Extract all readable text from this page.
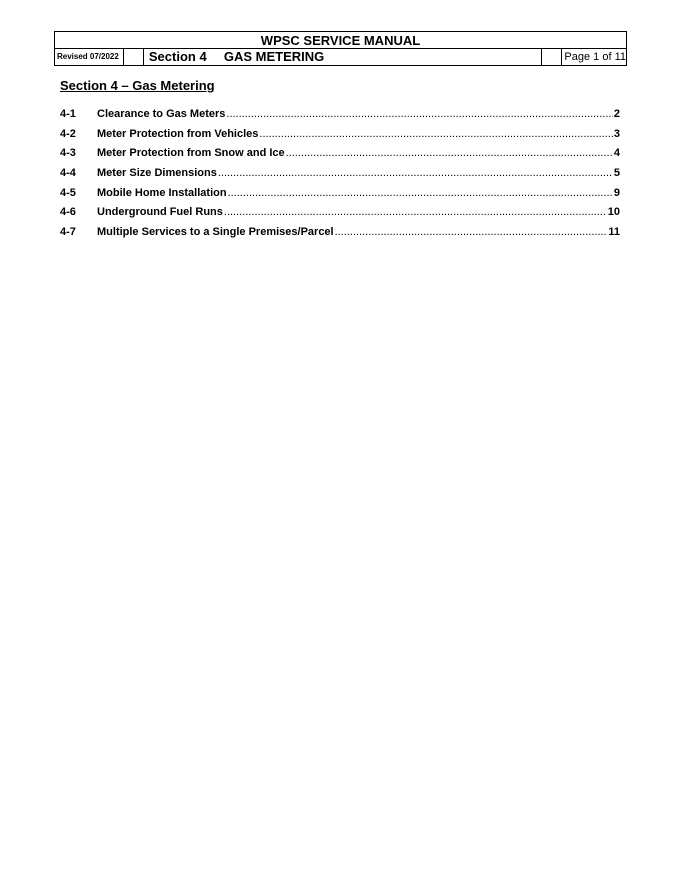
WPSC SERVICE MANUAL
Revised 07/2022	Section 4 GAS METERING	Page 1 of 11
Section 4 – Gas Metering
4-1	Clearance to Gas Meters .....	2
4-2	Meter Protection from Vehicles .....	3
4-3	Meter Protection from Snow and Ice .....	4
4-4	Meter Size Dimensions .....	5
4-5	Mobile Home Installation .....	9
4-6	Underground Fuel Runs .....	10
4-7	Multiple Services to a Single Premises/Parcel .....	11
